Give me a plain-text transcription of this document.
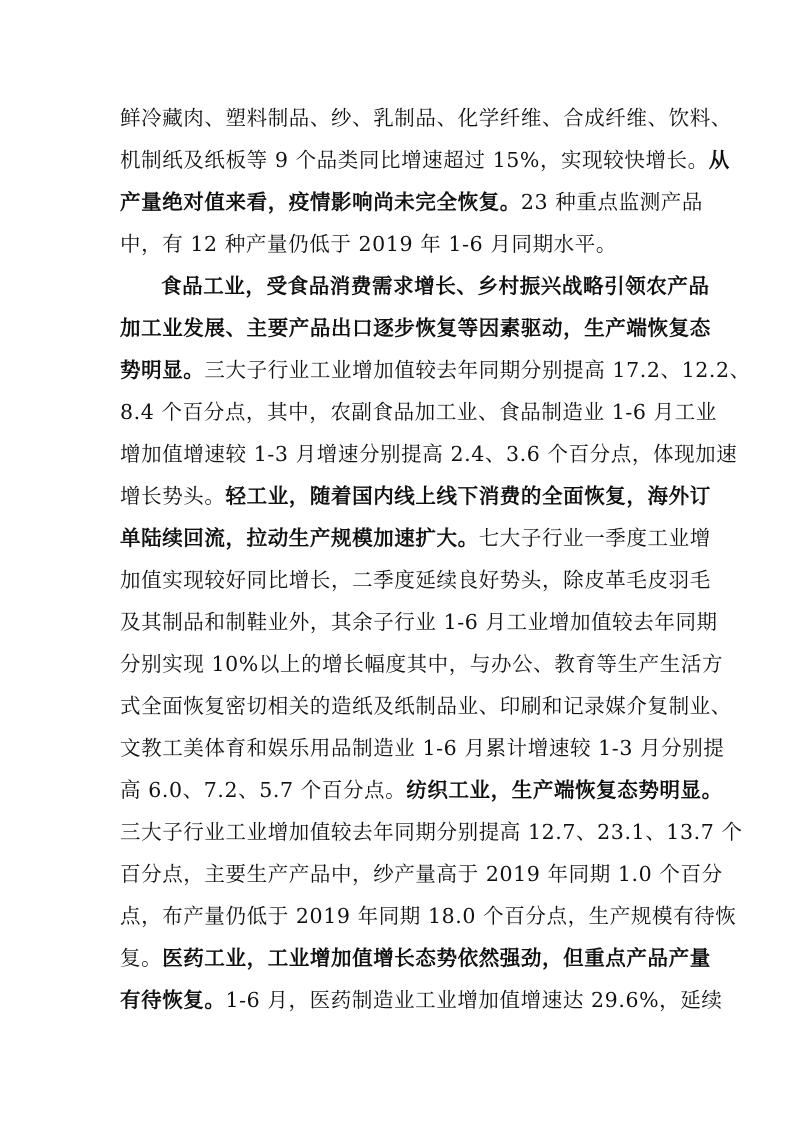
鲜冷藏肉、塑料制品、纱、乳制品、化学纤维、合成纤维、饮料、
机制纸及纸板等 9 个品类同比增速超过 15%，实现较快增长。从
产量绝对值来看，疫情影响尚未完全恢复。23 种重点监测产品
中，有 12 种产量仍低于 2019 年 1-6 月同期水平。
食品工业，受食品消费需求增长、乡村振兴战略引领农产品
加工业发展、主要产品出口逐步恢复等因素驱动，生产端恢复态
势明显。三大子行业工业增加值较去年同期分别提高 17.2、12.2、
8.4 个百分点，其中，农副食品加工业、食品制造业 1-6 月工业
增加值增速较 1-3 月增速分别提高 2.4、3.6 个百分点，体现加速
增长势头。轻工业，随着国内线上线下消费的全面恢复，海外订
单陆续回流，拉动生产规模加速扩大。七大子行业一季度工业增
加值实现较好同比增长，二季度延续良好势头，除皮革毛皮羽毛
及其制品和制鞋业外，其余子行业 1-6 月工业增加值较去年同期
分别实现 10%以上的增长幅度其中，与办公、教育等生产生活方
式全面恢复密切相关的造纸及纸制品业、印刷和记录媒介复制业、
文教工美体育和娱乐用品制造业 1-6 月累计增速较 1-3 月分别提
高 6.0、7.2、5.7 个百分点。纺织工业，生产端恢复态势明显。
三大子行业工业增加值较去年同期分别提高 12.7、23.1、13.7 个
百分点，主要生产产品中，纱产量高于 2019 年同期 1.0 个百分
点，布产量仍低于 2019 年同期 18.0 个百分点，生产规模有待恢
复。医药工业，工业增加值增长态势依然强劲，但重点产品产量
有待恢复。1-6 月，医药制造业工业增加值增速达 29.6%，延续
